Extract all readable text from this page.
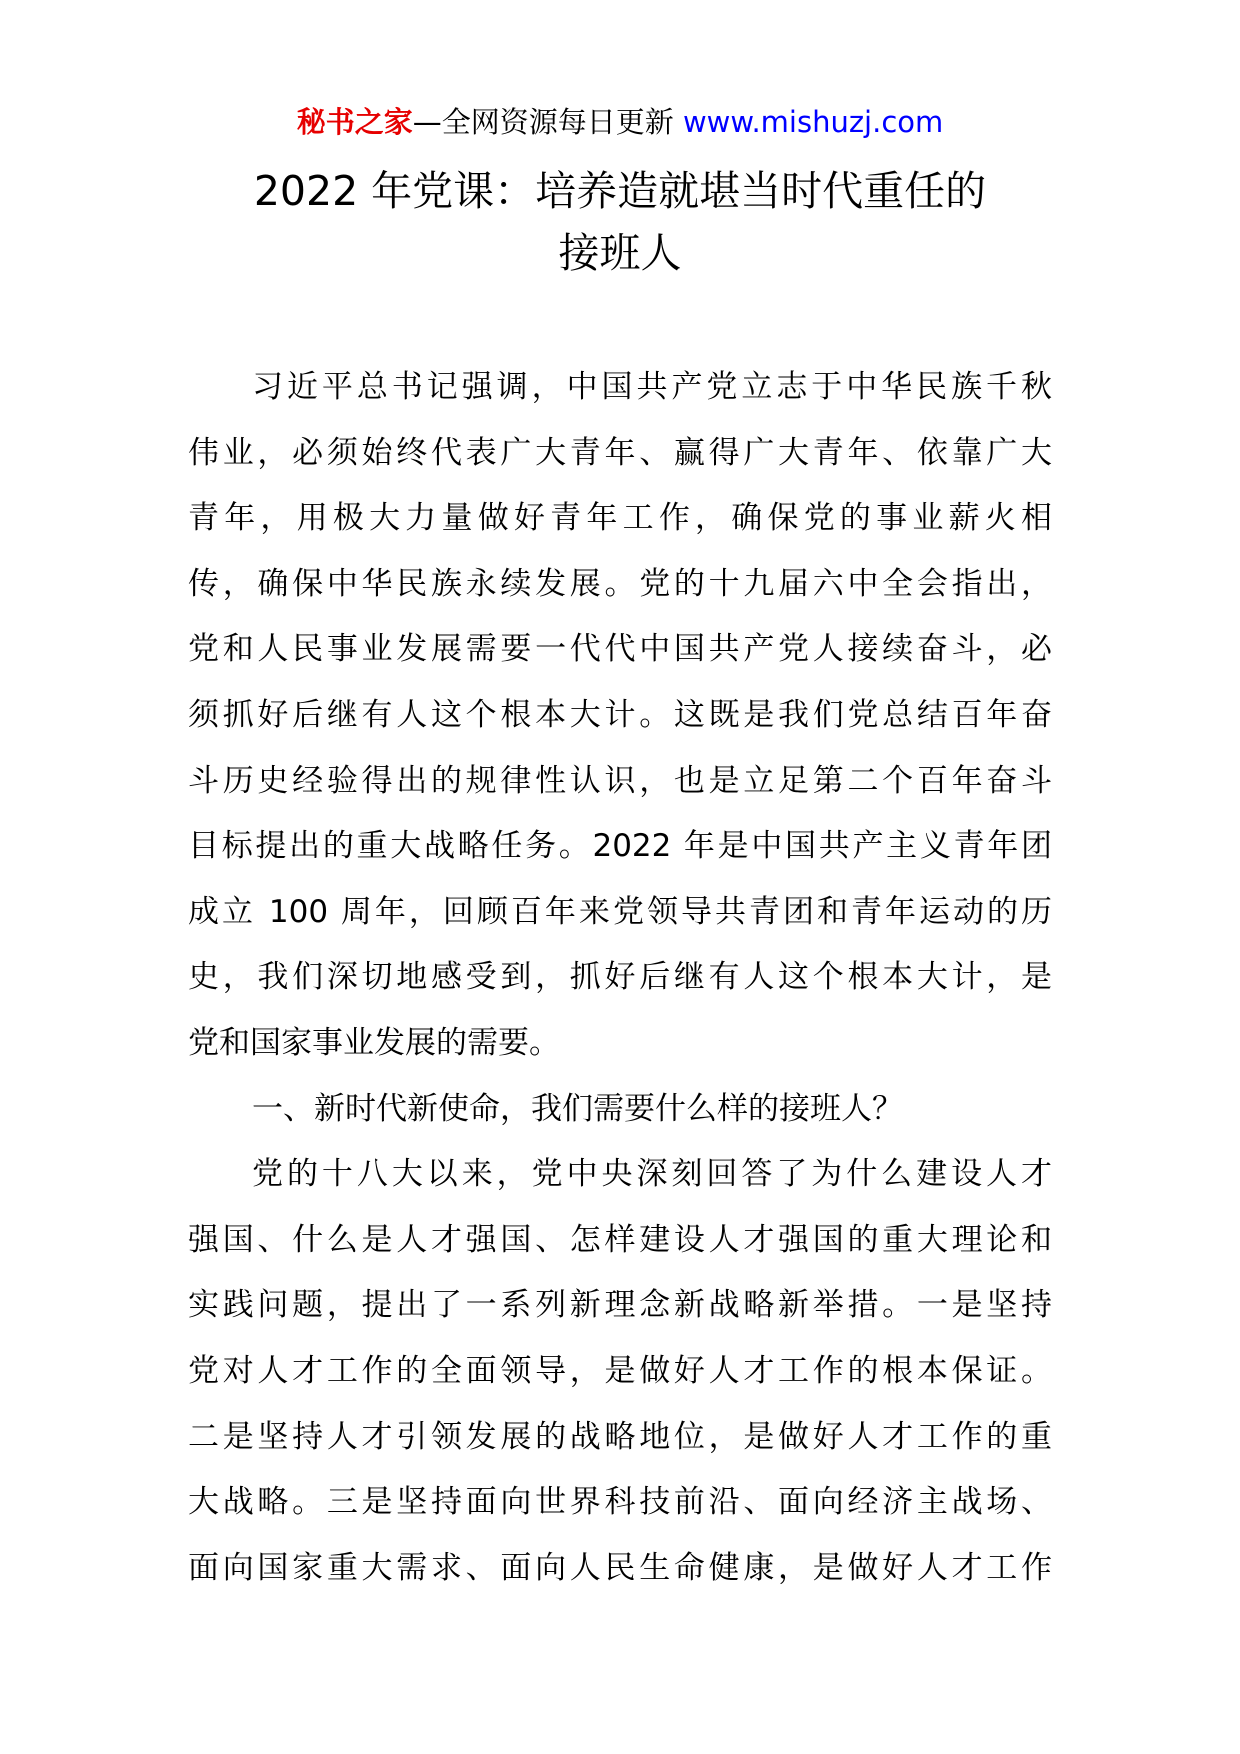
秘书之家—全网资源每日更新 www.mishuzj.com
2022 年党课：培养造就堪当时代重任的
接班人
习近平总书记强调，中国共产党立志于中华民族千秋
伟业，必须始终代表广大青年、赢得广大青年、依靠广大
青年，用极大力量做好青年工作，确保党的事业薪火相
传，确保中华民族永续发展。党的十九届六中全会指出，
党和人民事业发展需要一代代中国共产党人接续奋斗，必
须抓好后继有人这个根本大计。这既是我们党总结百年奋
斗历史经验得出的规律性认识，也是立足第二个百年奋斗
目标提出的重大战略任务。2022 年是中国共产主义青年团
成立 100 周年，回顾百年来党领导共青团和青年运动的历
史，我们深切地感受到，抓好后继有人这个根本大计，是
党和国家事业发展的需要。
一、新时代新使命，我们需要什么样的接班人？
党的十八大以来，党中央深刻回答了为什么建设人才
强国、什么是人才强国、怎样建设人才强国的重大理论和
实践问题，提出了一系列新理念新战略新举措。一是坚持
党对人才工作的全面领导，是做好人才工作的根本保证。
二是坚持人才引领发展的战略地位，是做好人才工作的重
大战略。三是坚持面向世界科技前沿、面向经济主战场、
面向国家重大需求、面向人民生命健康，是做好人才工作
